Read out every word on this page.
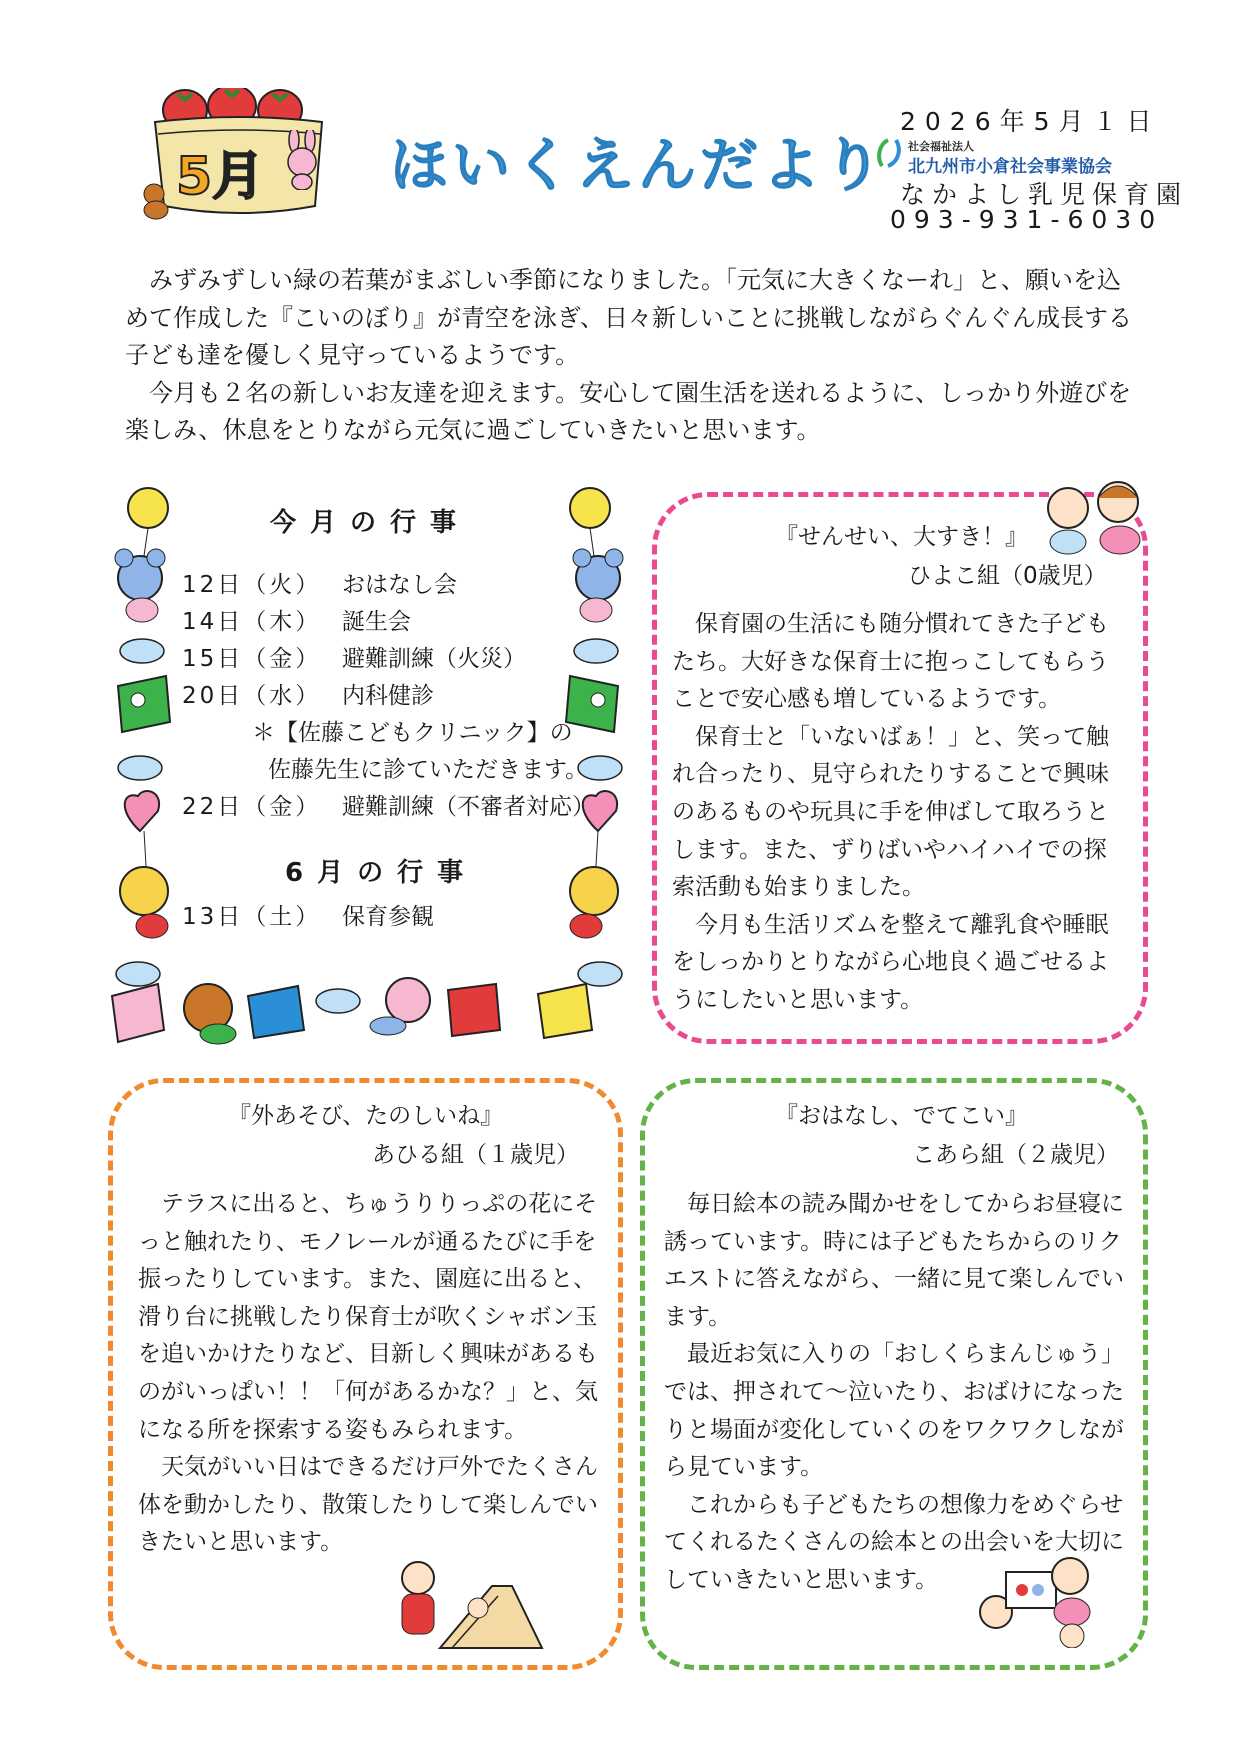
5月 ほいくえんだより
2026年5月１日
社会福祉法人
北九州市小倉社会事業協会
なかよし乳児保育園
093-931-6030

みずみずしい緑の若葉がまぶしい季節になりました。「元気に大きくなーれ」と、願いを込めて作成した『こいのぼり』が青空を泳ぎ、日々新しいことに挑戦しながらぐんぐん成長する子ども達を優しく見守っているようです。

今月も２名の新しいお友達を迎えます。安心して園生活を送れるように、しっかり外遊びを楽しみ、休息をとりながら元気に過ごしていきたいと思います。

今月の行事
12日（火） おはなし会
14日（木） 誕生会
15日（金） 避難訓練（火災）
20日（水） 内科健診
＊【佐藤こどもクリニック】の
佐藤先生に診ていただきます。
22日（金） 避難訓練（不審者対応）
6月の行事
13日（土） 保育参観
『せんせい、大すき！』
ひよこ組（0歳児）

保育園の生活にも随分慣れてきた子どもたち。大好きな保育士に抱っこしてもらうことで安心感も増しているようです。

保育士と「いないばぁ！」と、笑って触れ合ったり、見守られたりすることで興味のあるものや玩具に手を伸ばして取ろうとします。また、ずりばいやハイハイでの探索活動も始まりました。

今月も生活リズムを整えて離乳食や睡眠をしっかりとりながら心地良く過ごせるようにしたいと思います。

『外あそび、たのしいね』
あひる組（１歳児）

テラスに出ると、ちゅうりりっぷの花にそっと触れたり、モノレールが通るたびに手を振ったりしています。また、園庭に出ると、滑り台に挑戦したり保育士が吹くシャボン玉を追いかけたりなど、目新しく興味があるものがいっぱい！！「何があるかな？」と、気になる所を探索する姿もみられます。

天気がいい日はできるだけ戸外でたくさん体を動かしたり、散策したりして楽しんでいきたいと思います。

『おはなし、でてこい』
こあら組（２歳児）

毎日絵本の読み聞かせをしてからお昼寝に誘っています。時には子どもたちからのリクエストに答えながら、一緒に見て楽しんでいます。

最近お気に入りの「おしくらまんじゅう」では、押されて～泣いたり、おばけになったりと場面が変化していくのをワクワクしながら見ています。

これからも子どもたちの想像力をめぐらせてくれるたくさんの絵本との出会いを大切にしていきたいと思います。
